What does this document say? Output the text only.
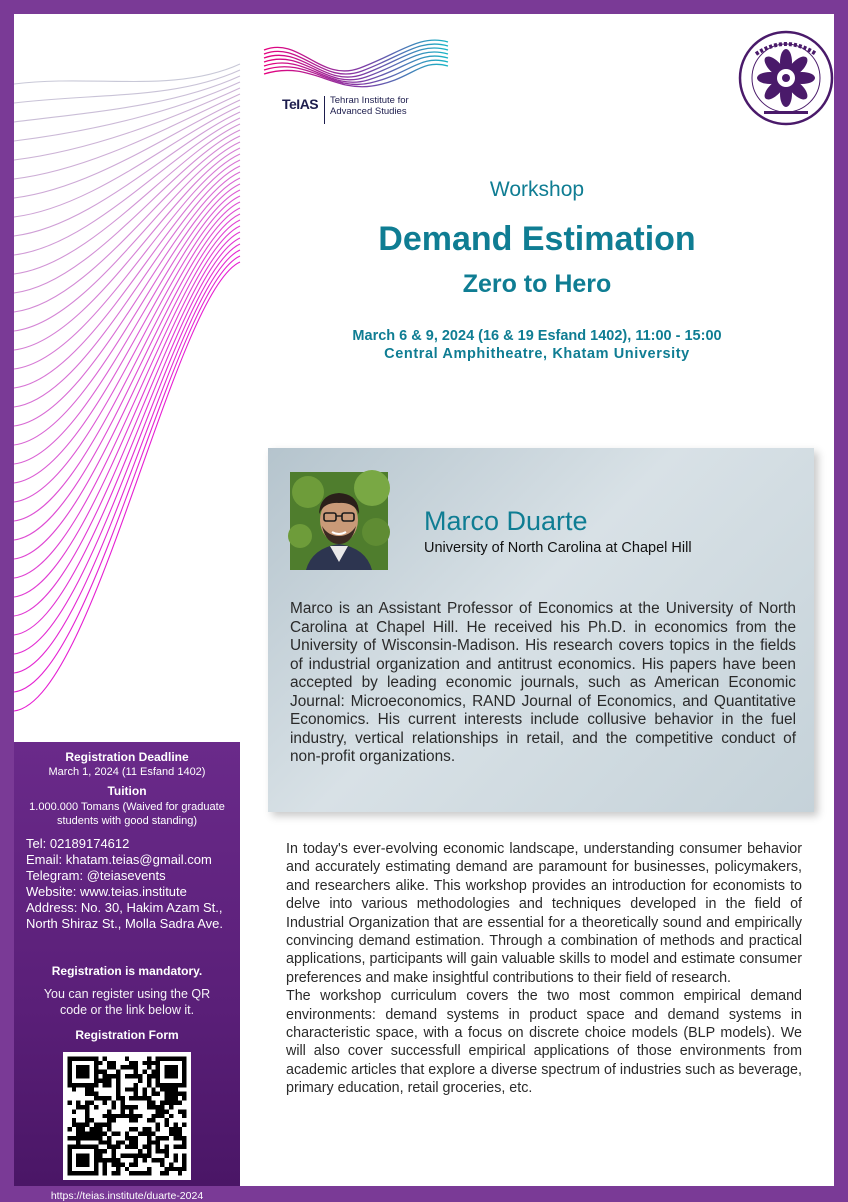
Registration Deadline
March 1, 2024 (11 Esfand 1402)
Tuition
1.000.000 Tomans (Waived for graduate students with good standing)
Tel: 02189174612
Email: khatam.teias@gmail.com
Telegram: @teiasevents
Website: www.teias.institute
Address: No. 30, Hakim Azam St.,
North Shiraz St., Molla Sadra Ave.
Registration is mandatory.
You can register using the QR code or the link below it.
Registration Form
https://teias.institute/duarte-2024
TeIAS Tehran Institute for
Advanced Studies
Workshop
Demand Estimation
Zero to Hero
March 6 & 9, 2024 (16 & 19 Esfand 1402), 11:00 - 15:00
Central Amphitheatre, Khatam University
Marco Duarte
University of North Carolina at Chapel Hill
Marco is an Assistant Professor of Economics at the University of North Carolina at Chapel Hill. He received his Ph.D. in economics from the University of Wisconsin-Madison. His research covers topics in the fields of industrial organization and antitrust economics. His papers have been accepted by leading economic journals, such as American Economic Journal: Microeconomics, RAND Journal of Economics, and Quantitative Economics. His current interests include collusive behavior in the fuel industry, vertical relationships in retail, and the competitive conduct of non-profit organizations.

In today's ever-evolving economic landscape, understanding consumer behavior and accurately estimating demand are paramount for businesses, policymakers, and researchers alike. This workshop provides an introduction for economists to delve into various methodologies and techniques developed in the field of Industrial Organization that are essential for a theoretically sound and empirically convincing demand estimation. Through a combination of methods and practical applications, participants will gain valuable skills to model and estimate consumer preferences and make insightful contributions to their field of research.

The workshop curriculum covers the two most common empirical demand environments: demand systems in product space and demand systems in characteristic space, with a focus on discrete choice models (BLP models). We will also cover successfull empirical applications of those environments from academic articles that explore a diverse spectrum of industries such as beverage, primary education, retail groceries, etc.
